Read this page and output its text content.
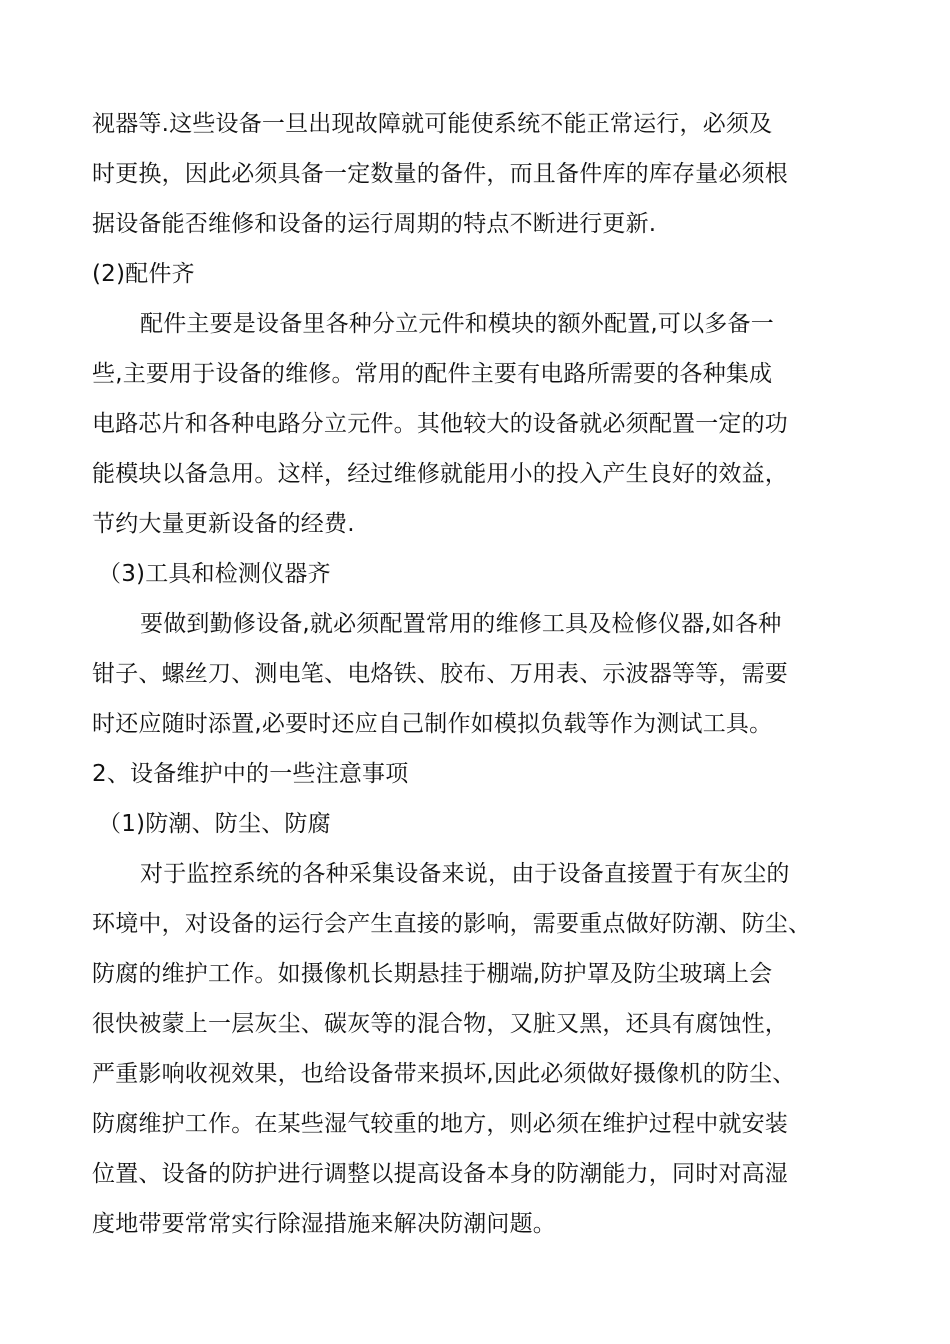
视器等.这些设备一旦出现故障就可能使系统不能正常运行，必须及
时更换，因此必须具备一定数量的备件，而且备件库的库存量必须根
据设备能否维修和设备的运行周期的特点不断进行更新.
(2)配件齐
配件主要是设备里各种分立元件和模块的额外配置,可以多备一
些,主要用于设备的维修。常用的配件主要有电路所需要的各种集成
电路芯片和各种电路分立元件。其他较大的设备就必须配置一定的功
能模块以备急用。这样，经过维修就能用小的投入产生良好的效益，
节约大量更新设备的经费.
（3)工具和检测仪器齐
要做到勤修设备,就必须配置常用的维修工具及检修仪器,如各种
钳子、螺丝刀、测电笔、电烙铁、胶布、万用表、示波器等等，需要
时还应随时添置,必要时还应自己制作如模拟负载等作为测试工具。
2、设备维护中的一些注意事项
（1)防潮、防尘、防腐
对于监控系统的各种采集设备来说，由于设备直接置于有灰尘的
环境中，对设备的运行会产生直接的影响，需要重点做好防潮、防尘、
防腐的维护工作。如摄像机长期悬挂于棚端,防护罩及防尘玻璃上会
很快被蒙上一层灰尘、碳灰等的混合物，又脏又黑，还具有腐蚀性，
严重影响收视效果，也给设备带来损坏,因此必须做好摄像机的防尘、
防腐维护工作。在某些湿气较重的地方，则必须在维护过程中就安装
位置、设备的防护进行调整以提高设备本身的防潮能力，同时对高湿
度地带要常常实行除湿措施来解决防潮问题。
